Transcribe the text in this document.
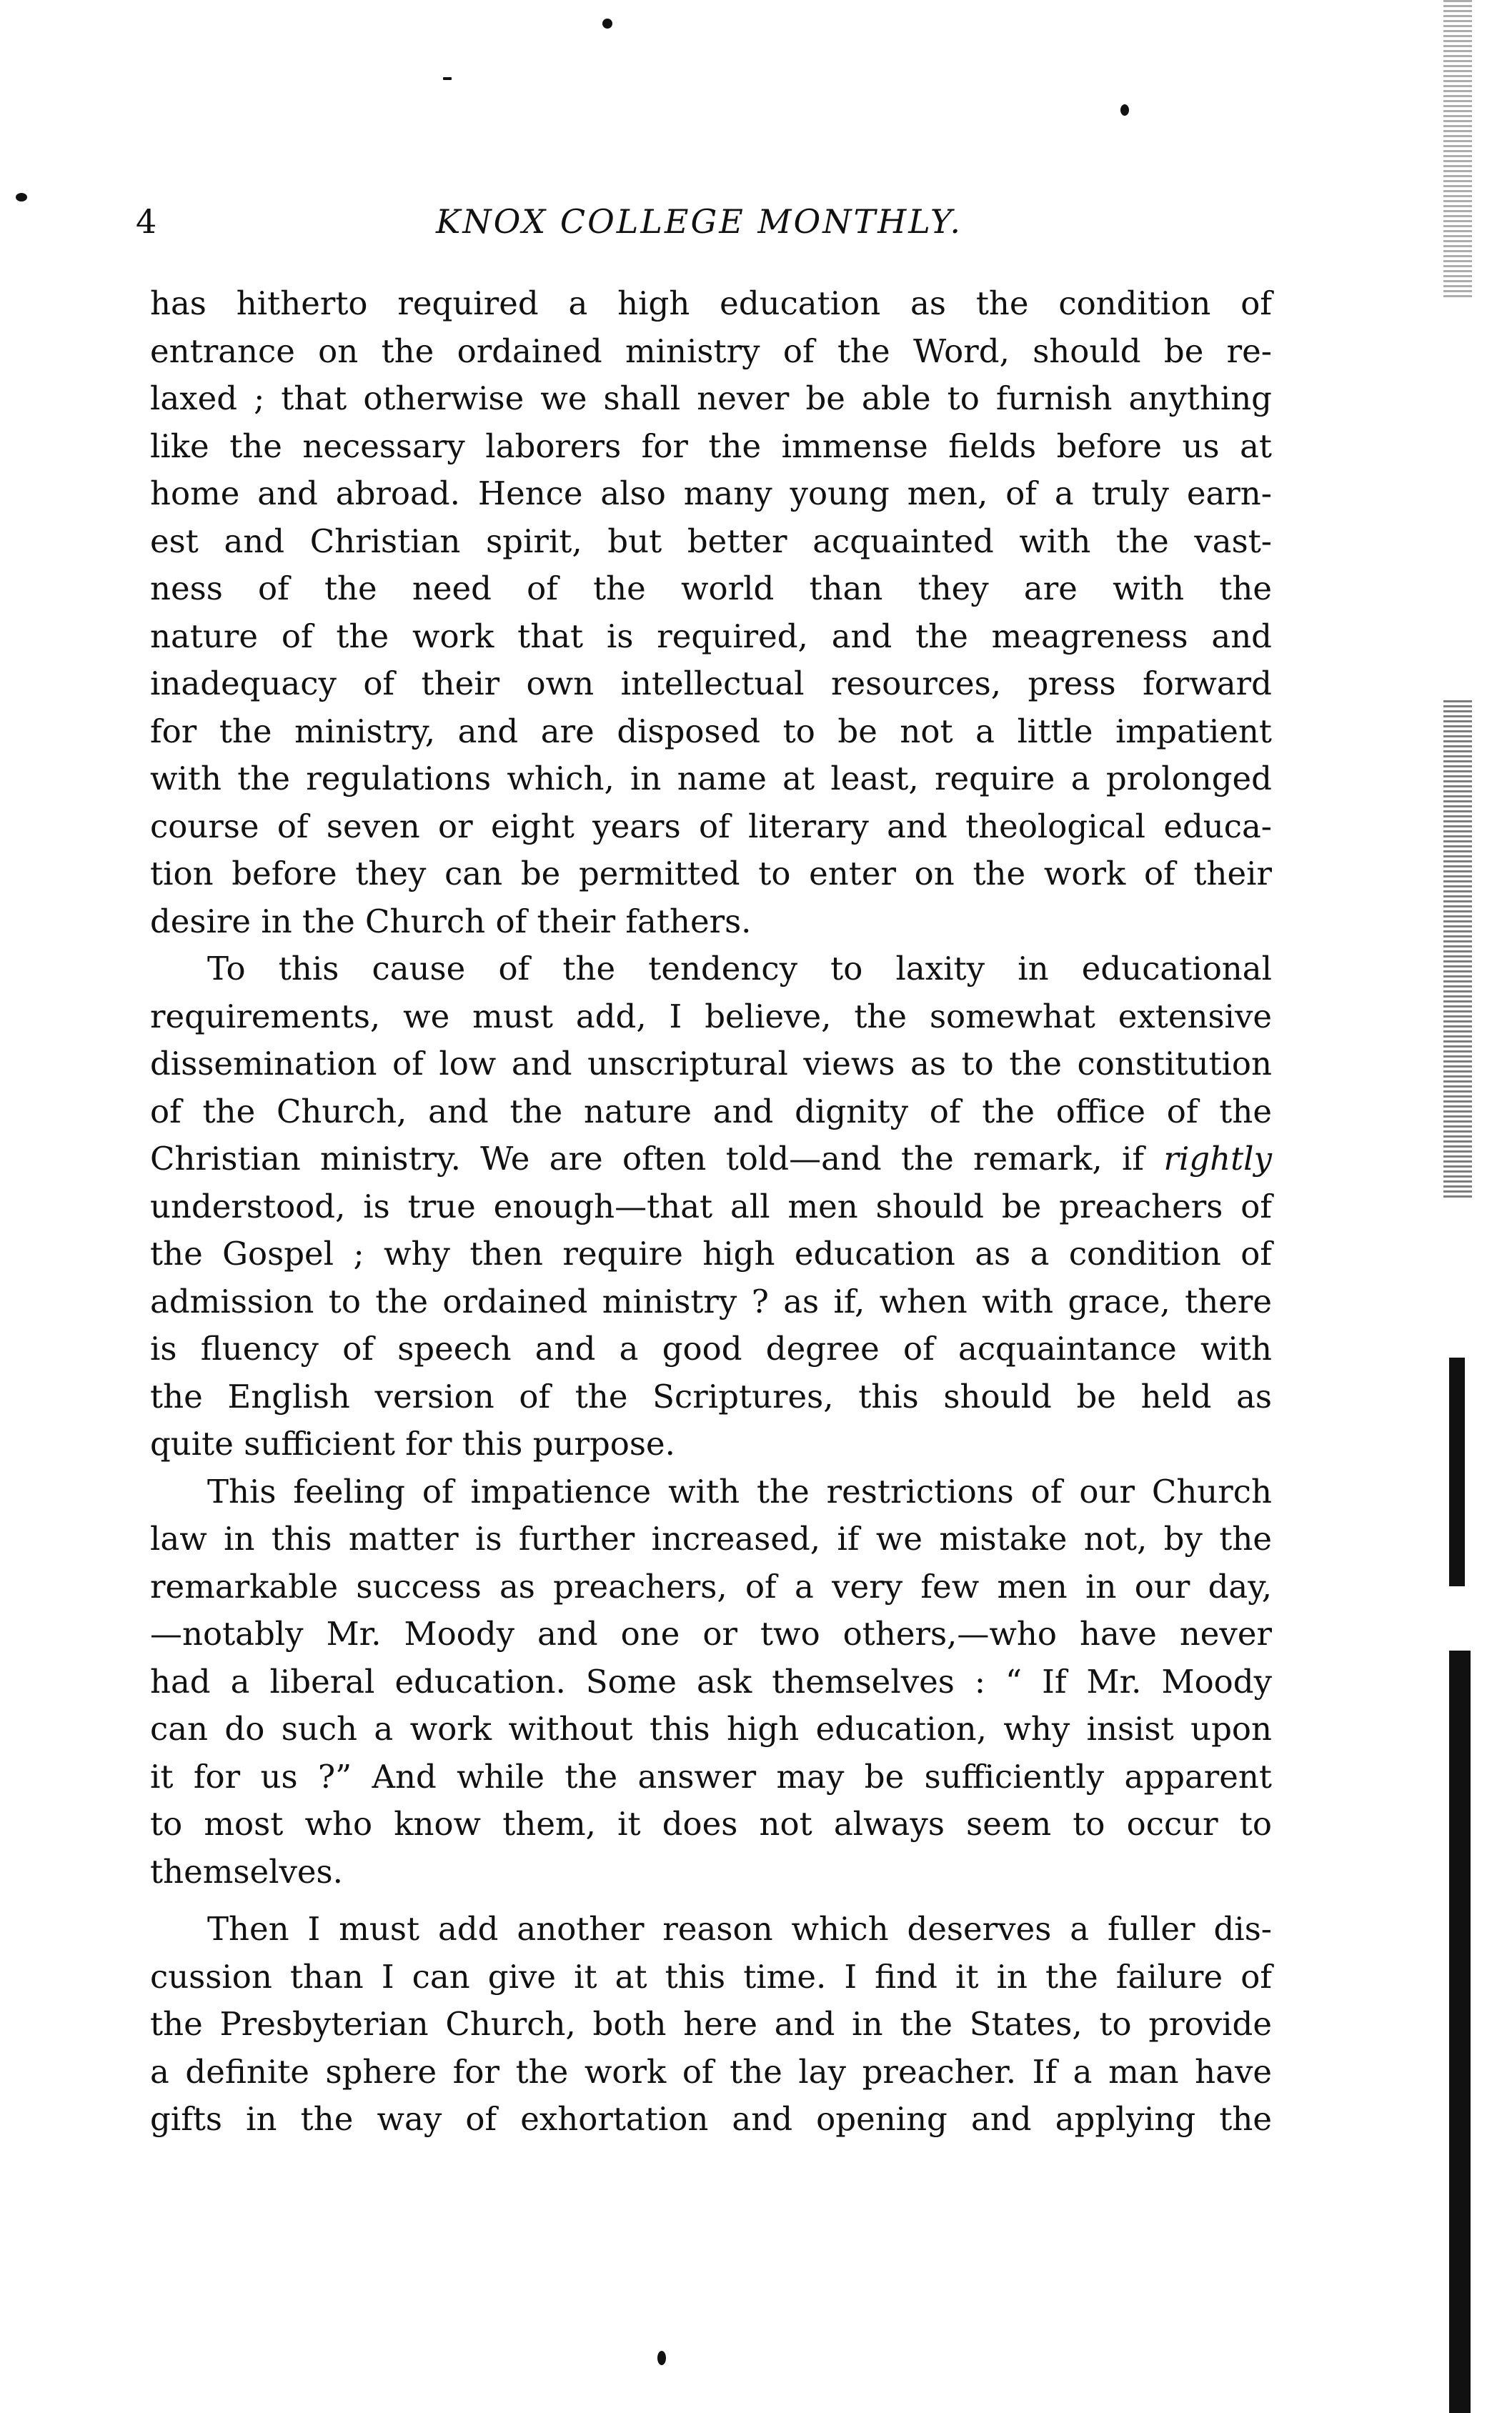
4	KNOX COLLEGE MONTHLY.
has hitherto required a high education as the condition of
entrance on the ordained ministry of the Word, should be re-
laxed ; that otherwise we shall never be able to furnish anything
like the necessary laborers for the immense fields before us at
home and abroad. Hence also many young men, of a truly earn-
est and Christian spirit, but better acquainted with the vast-
ness of the need of the world than they are with the
nature of the work that is required, and the meagreness and
inadequacy of their own intellectual resources, press forward
for the ministry, and are disposed to be not a little impatient
with the regulations which, in name at least, require a prolonged
course of seven or eight years of literary and theological educa-
tion before they can be permitted to enter on the work of their
desire in the Church of their fathers.
To this cause of the tendency to laxity in educational
requirements, we must add, I believe, the somewhat extensive
dissemination of low and unscriptural views as to the constitution
of the Church, and the nature and dignity of the office of the
Christian ministry. We are often told—and the remark, if rightly
understood, is true enough—that all men should be preachers of
the Gospel ; why then require high education as a condition of
admission to the ordained ministry ? as if, when with grace, there
is fluency of speech and a good degree of acquaintance with
the English version of the Scriptures, this should be held as
quite sufficient for this purpose.
This feeling of impatience with the restrictions of our Church
law in this matter is further increased, if we mistake not, by the
remarkable success as preachers, of a very few men in our day,
—notably Mr. Moody and one or two others,—who have never
had a liberal education. Some ask themselves : “ If Mr. Moody
can do such a work without this high education, why insist upon
it for us ?” And while the answer may be sufficiently apparent
to most who know them, it does not always seem to occur to
themselves.
Then I must add another reason which deserves a fuller dis-
cussion than I can give it at this time. I find it in the failure of
the Presbyterian Church, both here and in the States, to provide
a definite sphere for the work of the lay preacher. If a man have
gifts in the way of exhortation and opening and applying the
